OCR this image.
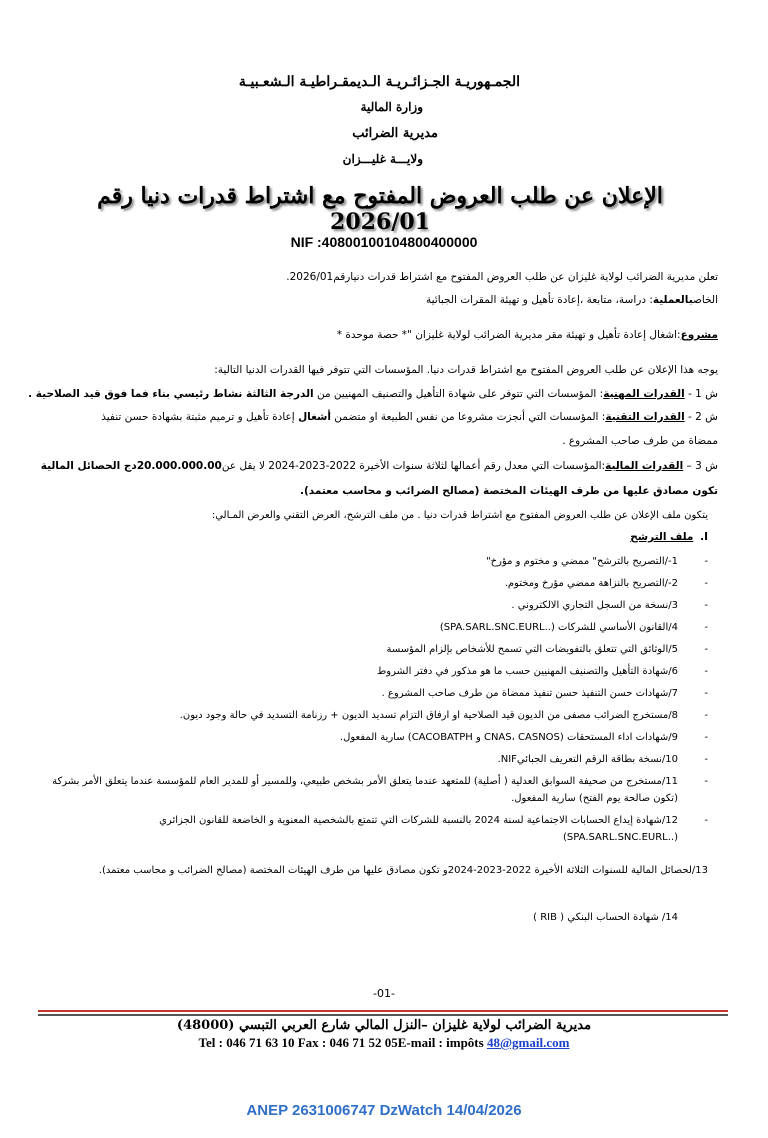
الجمـهوريـة الجـزائـريـة الـديمقـراطيـة الـشعـبيـة
وزارة المالية
مديرية الضرائب
ولايـــة غليـــزان
الإعلان عن طلب العروض المفتوح مع اشتراط قدرات دنيا رقم 2026/01
NIF :40800100104800400000
تعلن مديرية الضرائب لولاية غليزان عن طلب العروض المفتوح مع اشتراط قدرات دنيارقم2026/01.
الخاصبالعملية: دراسة، متابعة ،إعادة تأهيل و تهيئة المقرات الجبائية
مشروع:اشغال إعادة تأهيل و تهيئة مقر مديرية الضرائب لولاية غليزان "* حصة موحدة *
يوجه هذا الإعلان عن طلب العروض المفتوح مع اشتراط قدرات دنيا. المؤسسات التي تتوفر فيها القدرات الدنيا التالية:
ش 1 - القدرات المهنية: المؤسسات التي تتوفر على شهادة التأهيل والتصنيف المهنيين من الدرجة الثالثة نشاط رئيسي بناء فما فوق قيد الصلاحية .
ش 2 - القدرات التقنية: المؤسسات التي أنجزت مشروعا من نفس الطبيعة او متضمن أشغال إعادة تأهيل و ترميم مثبتة بشهادة حسن تنفيذ
ممضاة من طرف صاحب المشروع .
ش 3 – القدرات المالية:المؤسسات التي معدل رقم أعمالها لثلاثة سنوات الأخيرة 2022-2023-2024 لا يقل عن20.000.000.00دج الحصائل المالية
تكون مصادق عليها من طرف الهيئات المختصة (مصالح الضرائب و محاسب معتمد).
يتكون ملف الإعلان عن طلب العروض المفتوح مع اشتراط قدرات دنيا . من ملف الترشح، العرض التقني والعرض المـالي:
I.  ملف الترشح
-
1-/التصريح بالترشح" ممضي و مختوم و مؤرخ"
-
2-/التصريح بالنزاهة ممضي مؤرخ ومختوم.
-
3/نسخة من السجل التجاري الالكتروني .
-
4/القانون الأساسي للشركات (..SPA.SARL.SNC.EURL)
-
5/الوثائق التي تتعلق بالتفويضات التي تسمح للأشخاص بإلزام المؤسسة
-
6/شهادة التأهيل والتصنيف المهنيين حسب ما هو مذكور في دفتر الشروط
-
7/شهادات حسن التنفيذ حسن تنفيذ ممضاة من طرف صاحب المشروع .
-
8/مستخرج الضرائب مصفى من الديون قيد الصلاحية او ارفاق التزام تسديد الديون + رزنامة التسديد في حالة وجود ديون.
-
9/شهادات اداء المستحقات (CNAS، CASNOS و CACOBATPH) سارية المفعول.
-
10/نسخة بطاقة الرقم التعريف الجبائيNIF.
-
11/مستخرج من صحيفة السوابق العدلية ( أصلية) للمتعهد عندما يتعلق الأمر بشخص طبيعي، وللمسير أو للمدير العام للمؤسسة عندما يتعلق الأمر بشركة (تكون صالحة يوم الفتح) سارية المفعول.
-
12/شهادة إيداع الحسابات الاجتماعية لسنة 2024 بالنسبة للشركات التي تتمتع بالشخصية المعنوية و الخاضعة للقانون الجزائري (..SPA.SARL.SNC.EURL)
13/لحصائل المالية للسنوات الثلاثة الأخيرة 2022-2023-2024و تكون مصادق عليها من طرف الهيئات المختصة (مصالح الضرائب و محاسب معتمد).
14/ شهادة الحساب البنكي ( RIB )
-01-
مديرية الضرائب لولاية غليزان –النزل المالي شارع العربي التبسي (48000)
Tel : 046 71 63 10 Fax : 046 71 52 05E-mail : impôts 48@gmail.com
ANEP 2631006747 DzWatch 14/04/2026
